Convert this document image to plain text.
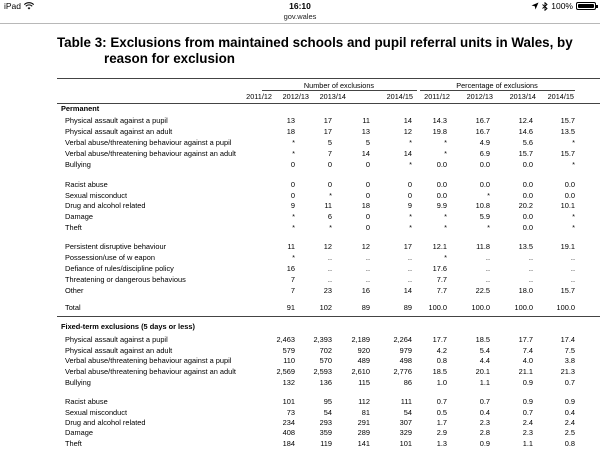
iPad	16:10	100%
gov.wales
Table 3: Exclusions from maintained schools and pupil referral units in Wales, by
reason for exclusion
Number of exclusions	Percentage of exclusions
2011/12	2012/13	2013/14	2014/15	2011/12	2012/13	2013/14	2014/15
Permanent
Physical assault against a pupil	13	17	11	14	14.3	16.7	12.4	15.7
Physical assault against an adult	18	17	13	12	19.8	16.7	14.6	13.5
Verbal abuse/threatening behaviour against a pupil	*	5	5	*	*	4.9	5.6	*
Verbal abuse/threatening behaviour against an adult	*	7	14	14	*	6.9	15.7	15.7
Bullying	0	0	0	*	0.0	0.0	0.0	*
Racist abuse	0	0	0	0	0.0	0.0	0.0	0.0
Sexual misconduct	0	*	0	0	0.0	*	0.0	0.0
Drug and alcohol related	9	11	18	9	9.9	10.8	20.2	10.1
Damage	*	6	0	*	*	5.9	0.0	*
Theft	*	*	0	*	*	*	0.0	*
Persistent disruptive behaviour	11	12	12	17	12.1	11.8	13.5	19.1
Possession/use of w eapon	*	..	..	..	*	..	..	..
Defiance of rules/discipline policy	16	..	..	..	17.6	..	..	..
Threatening or dangerous behavious	7	..	..	..	7.7	..	..	..
Other	7	23	16	14	7.7	22.5	18.0	15.7
Total	91	102	89	89	100.0	100.0	100.0	100.0
Fixed-term exclusions (5 days or less)
Physical assault against a pupil	2,463	2,393	2,189	2,264	17.7	18.5	17.7	17.4
Physical assault against an adult	579	702	920	979	4.2	5.4	7.4	7.5
Verbal abuse/threatening behaviour against a pupil	110	570	489	498	0.8	4.4	4.0	3.8
Verbal abuse/threatening behaviour against an adult	2,569	2,593	2,610	2,776	18.5	20.1	21.1	21.3
Bullying	132	136	115	86	1.0	1.1	0.9	0.7
Racist abuse	101	95	112	111	0.7	0.7	0.9	0.9
Sexual misconduct	73	54	81	54	0.5	0.4	0.7	0.4
Drug and alcohol related	234	293	291	307	1.7	2.3	2.4	2.4
Damage	408	359	289	329	2.9	2.8	2.3	2.5
Theft	184	119	141	101	1.3	0.9	1.1	0.8
